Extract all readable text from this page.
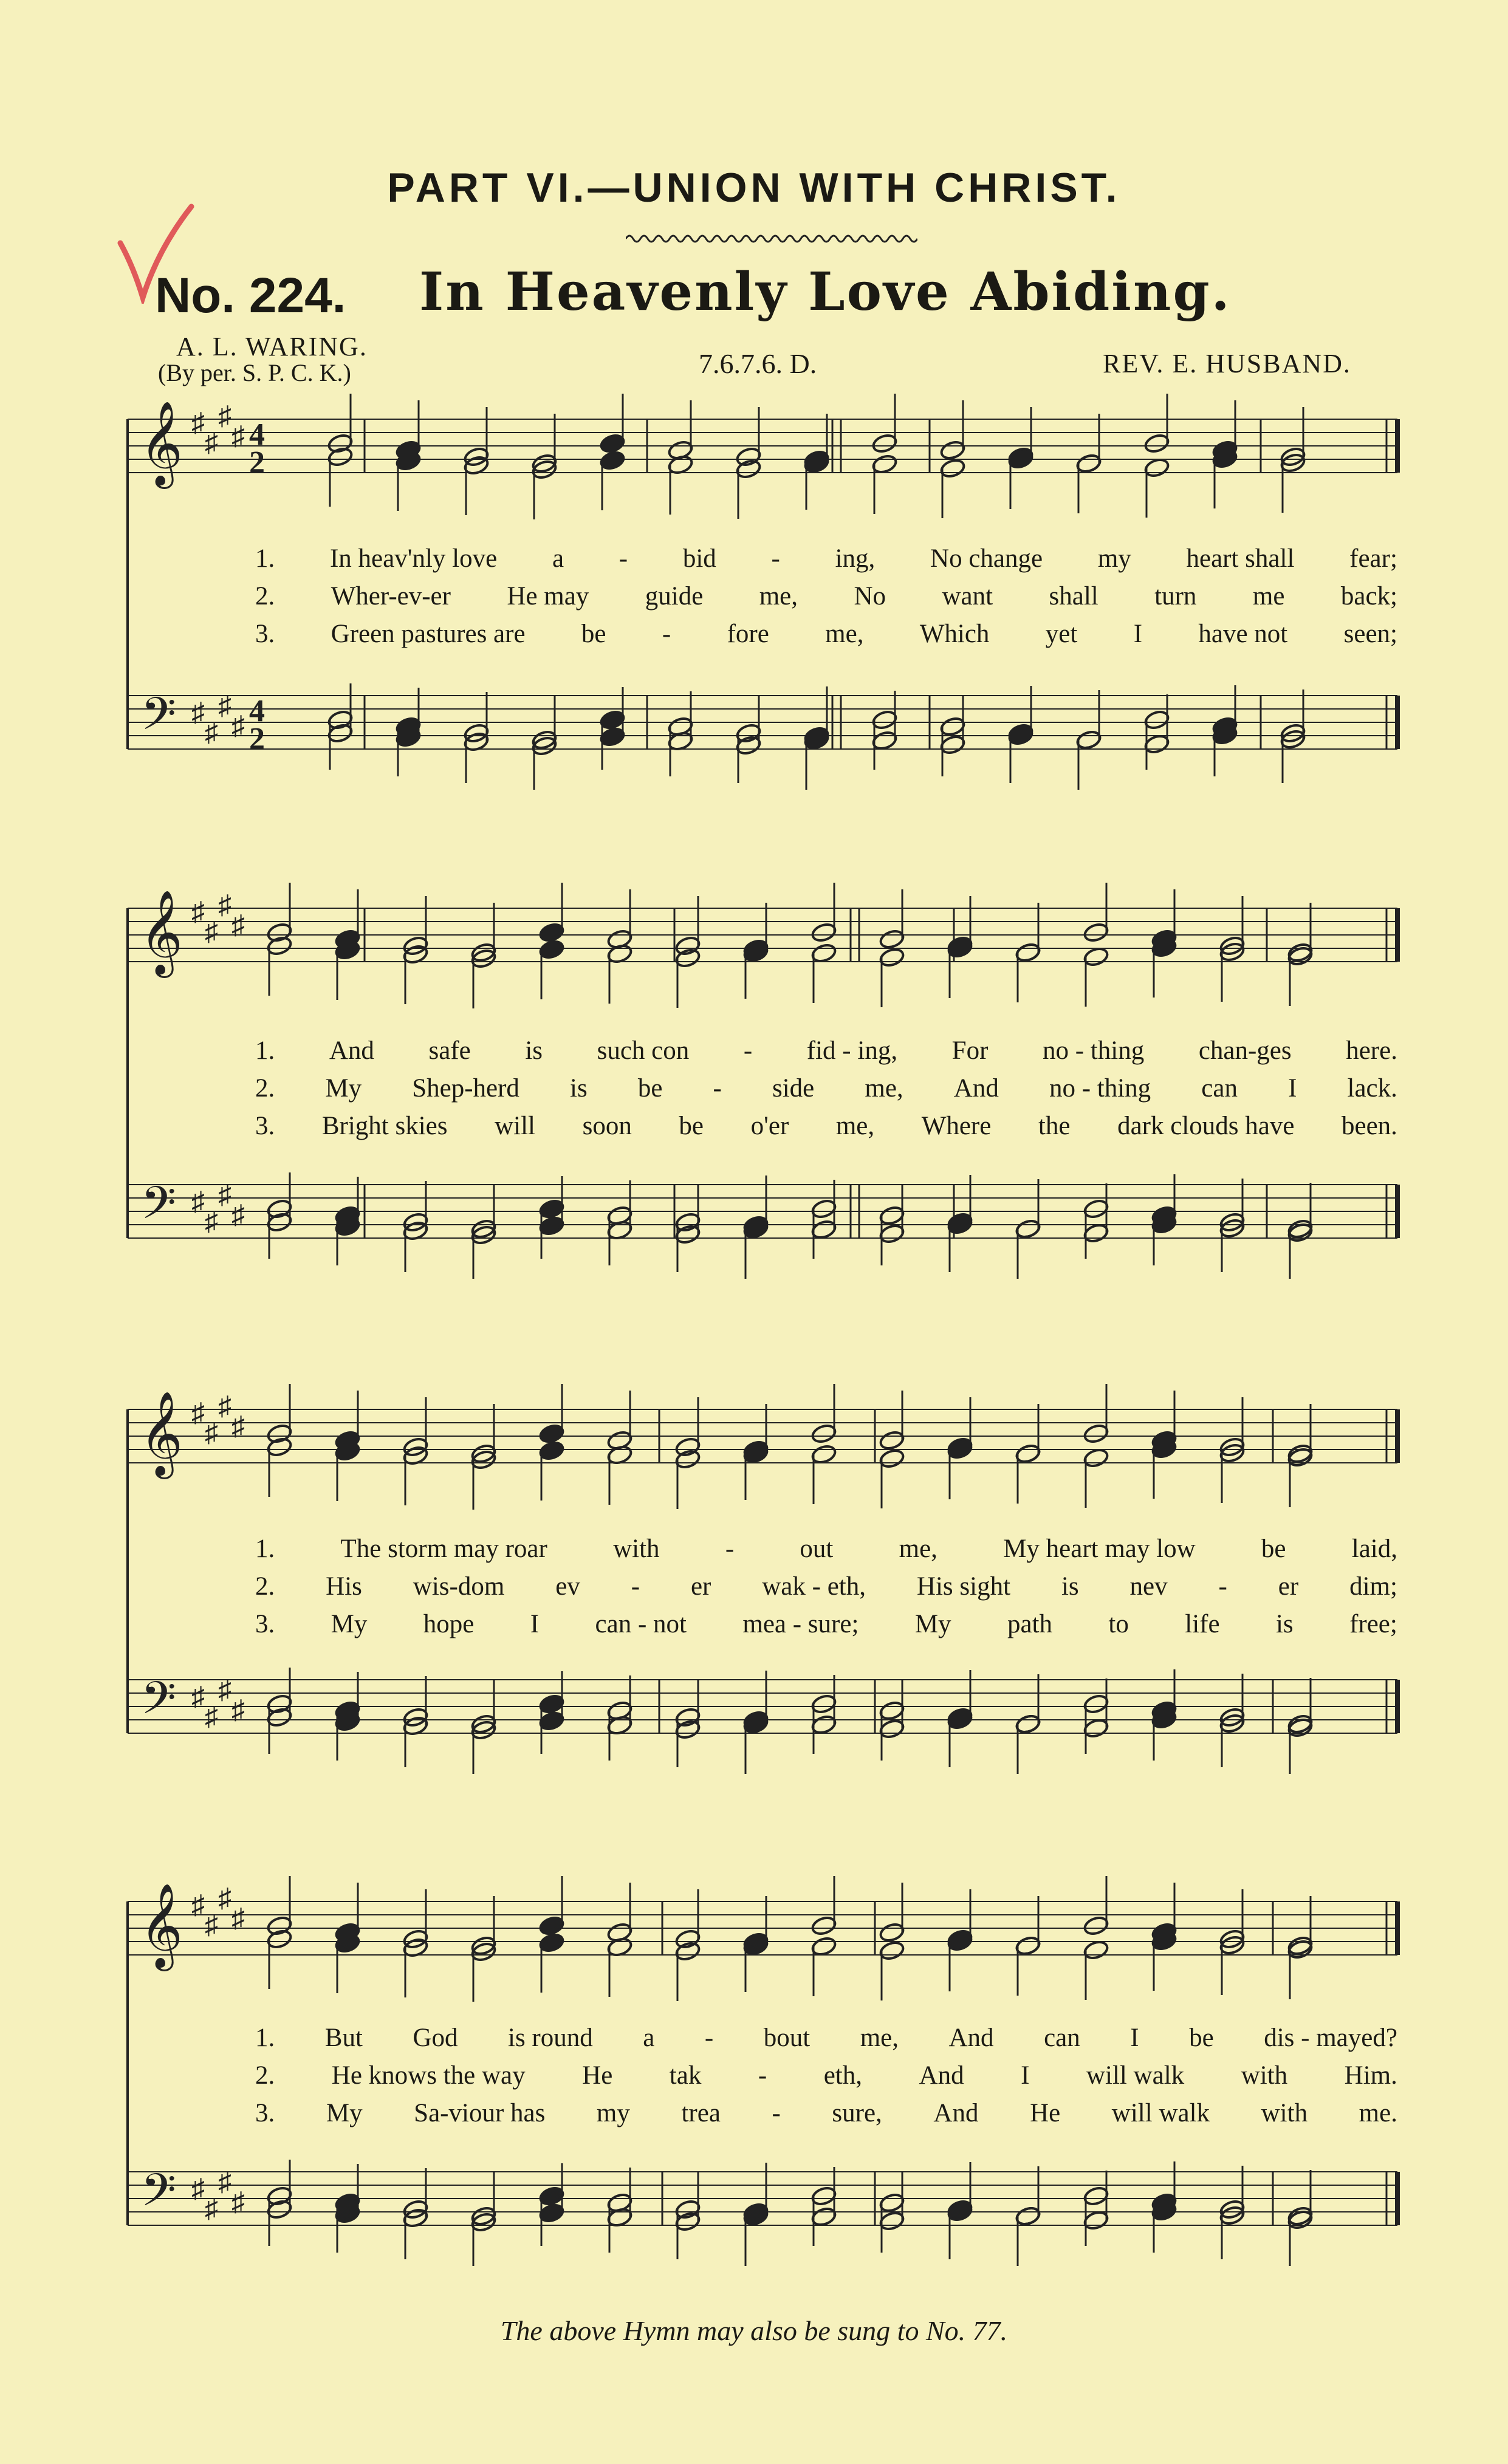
PART VI.—UNION WITH CHRIST.
No. 224. In Heavenly Love Abiding.
A. L. WARING.
(By per. S. P. C. K.)	7.6.7.6. D.	REV. E. HUSBAND.
𝄞
𝄢
♯
♯
♯
♯
♯
♯
♯
♯
4
2
4
2
𝄞
𝄢
♯
♯
♯
♯
♯
♯
♯
♯
𝄞
𝄢
♯
♯
♯
♯
♯
♯
♯
♯
𝄞
𝄢
♯
♯
♯
♯
♯
♯
♯
♯
1. In heav'nly love a - bid - ing, No change my heart shall fear;
2. Wher-ev-er He may guide me, No want shall turn me back;
3. Green pastures are be - fore me, Which yet I have not seen;
1. And safe is such con - fid - ing, For no - thing chan-ges here.
2. My Shep-herd is be - side me, And no - thing can I lack.
3. Bright skies will soon be o'er me, Where the dark clouds have been.
1.	The storm may roar	with	-	out	me,	My heart may low	be	laid,
2. His wis-dom ev - er wak - eth, His sight is nev - er dim;
3. My hope I can - not mea - sure; My path to life is free;
1. But God is round a - bout me, And can I be dis - mayed?
2. He knows the way He tak - eth, And I will walk with Him.
3. My Sa-viour has my trea - sure, And He will walk with me.
The above Hymn may also be sung to No. 77.
